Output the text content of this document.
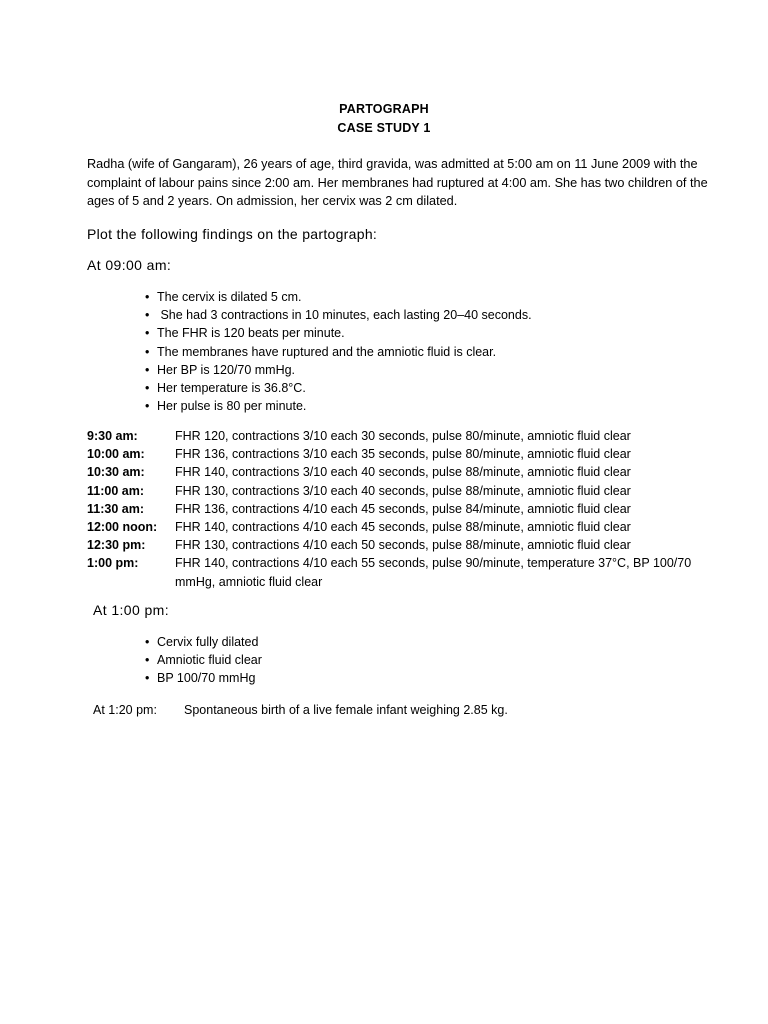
PARTOGRAPH
CASE STUDY 1
Radha (wife of Gangaram), 26 years of age, third gravida, was admitted at 5:00 am on 11 June 2009 with the complaint of labour pains since 2:00 am. Her membranes had ruptured at 4:00 am. She has two children of the ages of 5 and 2 years. On admission, her cervix was 2 cm dilated.
Plot the following findings on the partograph:
At 09:00 am:
• The cervix is dilated 5 cm.
• She had 3 contractions in 10 minutes, each lasting 20–40 seconds.
• The FHR is 120 beats per minute.
• The membranes have ruptured and the amniotic fluid is clear.
• Her BP is 120/70 mmHg.
• Her temperature is 36.8°C.
• Her pulse is 80 per minute.
9:30 am:	FHR 120, contractions 3/10 each 30 seconds, pulse 80/minute, amniotic fluid clear
10:00 am:	FHR 136, contractions 3/10 each 35 seconds, pulse 80/minute, amniotic fluid clear
10:30 am:	FHR 140, contractions 3/10 each 40 seconds, pulse 88/minute, amniotic fluid clear
11:00 am:	FHR 130, contractions 3/10 each 40 seconds, pulse 88/minute, amniotic fluid clear
11:30 am:	FHR 136, contractions 4/10 each 45 seconds, pulse 84/minute, amniotic fluid clear
12:00 noon:	FHR 140, contractions 4/10 each 45 seconds, pulse 88/minute, amniotic fluid clear
12:30 pm:	FHR 130, contractions 4/10 each 50 seconds, pulse 88/minute, amniotic fluid clear
1:00 pm:	FHR 140, contractions 4/10 each 55 seconds, pulse 90/minute, temperature 37°C, BP 100/70 mmHg, amniotic fluid clear
At 1:00 pm:
• Cervix fully dilated
• Amniotic fluid clear
• BP 100/70 mmHg
At 1:20 pm: Spontaneous birth of a live female infant weighing 2.85 kg.
